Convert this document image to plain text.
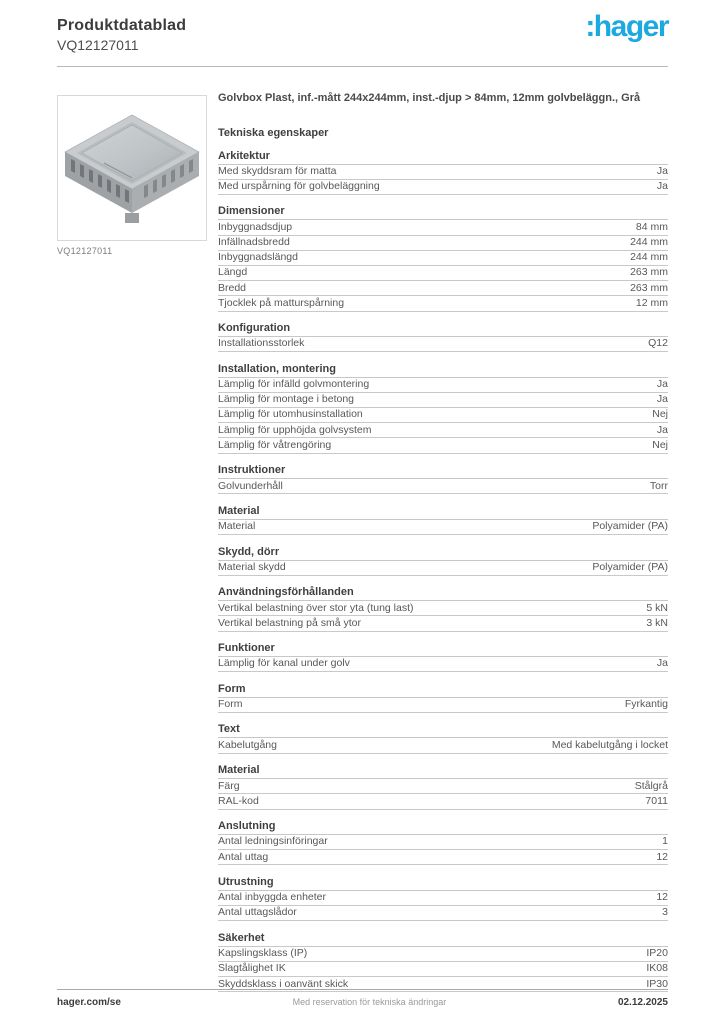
Produktdatablad
VQ12127011
:hager
VQ12127011
Golvbox Plast, inf.-mått 244x244mm, inst.-djup > 84mm, 12mm golvbeläggn., Grå
Tekniska egenskaper
Arkitektur
Med skyddsram för matta	Ja
Med urspårning för golvbeläggning	Ja
Dimensioner
Inbyggnadsdjup	84 mm
Infällnadsbredd	244 mm
Inbyggnadslängd	244 mm
Längd	263 mm
Bredd	263 mm
Tjocklek på matturspårning	12 mm
Konfiguration
Installationsstorlek	Q12
Installation, montering
Lämplig för infälld golvmontering	Ja
Lämplig för montage i betong	Ja
Lämplig för utomhusinstallation	Nej
Lämplig för upphöjda golvsystem	Ja
Lämplig för våtrengöring	Nej
Instruktioner
Golvunderhåll	Torr
Material
Material	Polyamider (PA)
Skydd, dörr
Material skydd	Polyamider (PA)
Användningsförhållanden
Vertikal belastning över stor yta (tung last)	5 kN
Vertikal belastning på små ytor	3 kN
Funktioner
Lämplig för kanal under golv	Ja
Form
Form	Fyrkantig
Text
Kabelutgång	Med kabelutgång i locket
Material
Färg	Stålgrå
RAL-kod	7011
Anslutning
Antal ledningsinföringar	1
Antal uttag	12
Utrustning
Antal inbyggda enheter	12
Antal uttagslådor	3
Säkerhet
Kapslingsklass (IP)	IP20
Slagtålighet IK	IK08
Skyddsklass i oanvänt skick	IP30
hager.com/se	Med reservation för tekniska ändringar	02.12.2025
